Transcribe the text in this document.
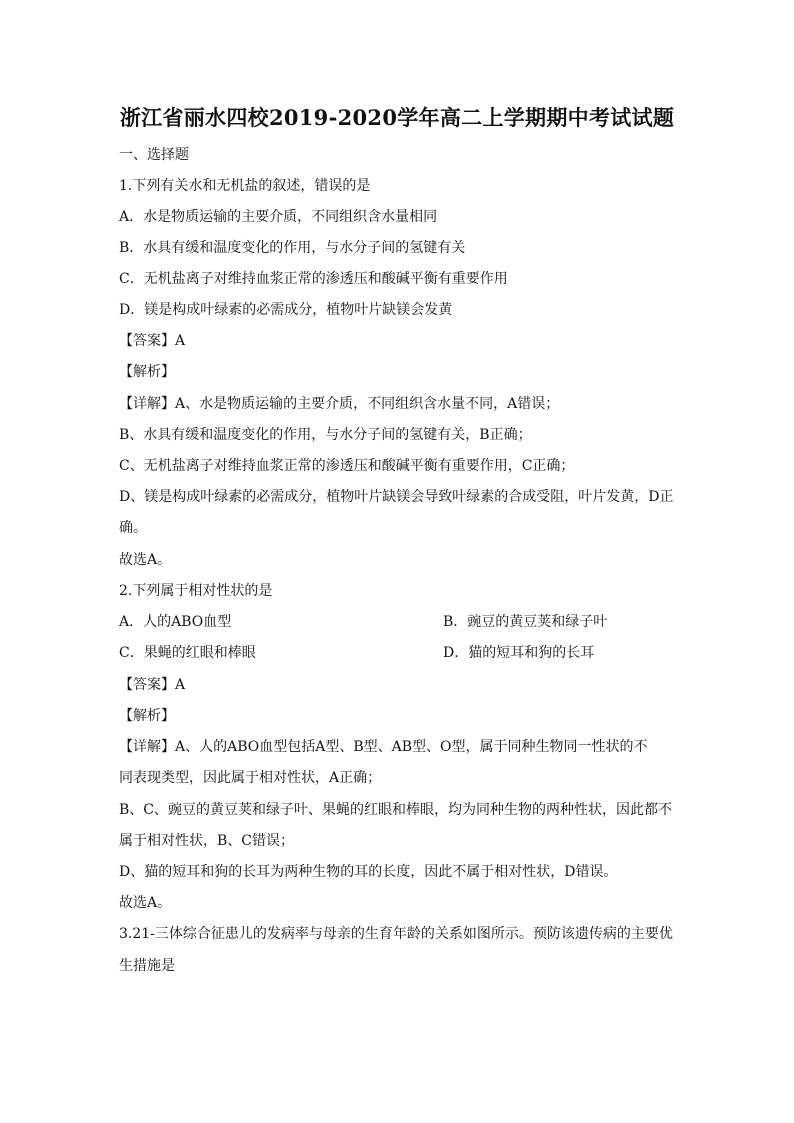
浙江省丽水四校2019-2020学年高二上学期期中考试试题
一、选择题
1.下列有关水和无机盐的叙述，错误的是
A．水是物质运输的主要介质，不同组织含水量相同
B．水具有缓和温度变化的作用，与水分子间的氢键有关
C．无机盐离子对维持血浆正常的渗透压和酸碱平衡有重要作用
D．镁是构成叶绿素的必需成分，植物叶片缺镁会发黄
【答案】A
【解析】
【详解】A、水是物质运输的主要介质，不同组织含水量不同，A错误；
B、水具有缓和温度变化的作用，与水分子间的氢键有关，B正确；
C、无机盐离子对维持血浆正常的渗透压和酸碱平衡有重要作用，C正确；
D、镁是构成叶绿素的必需成分，植物叶片缺镁会导致叶绿素的合成受阻，叶片发黄，D正
确。
故选A。
2.下列属于相对性状的是
A．人的ABO血型	B．豌豆的黄豆荚和绿子叶
C．果蝇的红眼和棒眼	D．猫的短耳和狗的长耳
【答案】A
【解析】
【详解】A、人的ABO血型包括A型、B型、AB型、O型，属于同种生物同一性状的不
同表现类型，因此属于相对性状，A正确；
B、C、豌豆的黄豆荚和绿子叶、果蝇的红眼和棒眼，均为同种生物的两种性状，因此都不
属于相对性状，B、C错误；
D、猫的短耳和狗的长耳为两种生物的耳的长度，因此不属于相对性状，D错误。
故选A。
3.21-三体综合征患儿的发病率与母亲的生育年龄的关系如图所示。预防该遗传病的主要优
生措施是
